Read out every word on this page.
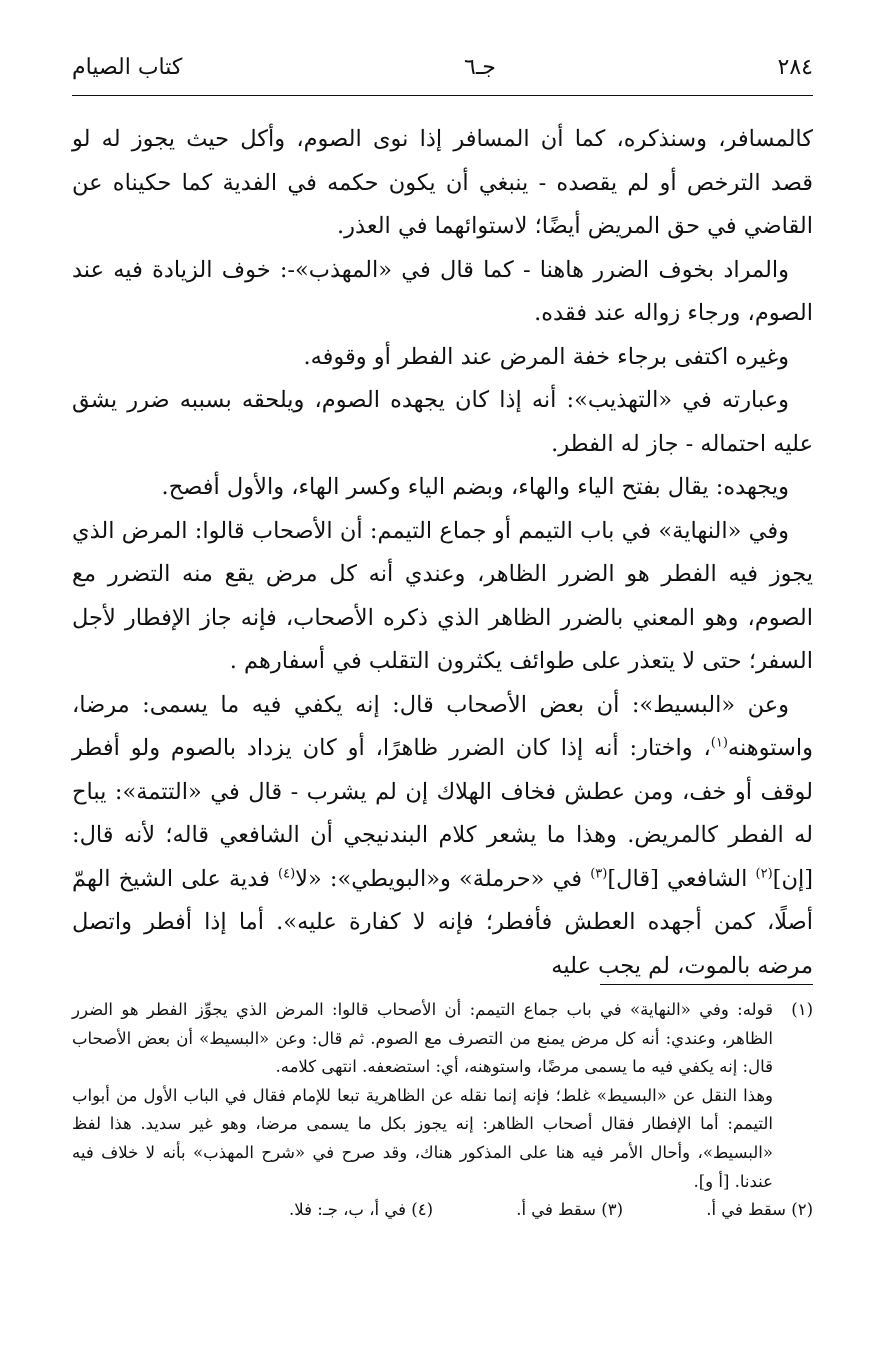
٢٨٤
جـ٦
كتاب الصيام

كالمسافر، وسنذكره، كما أن المسافر إذا نوى الصوم، وأكل حيث يجوز له لو قصد الترخص أو لم يقصده - ينبغي أن يكون حكمه في الفدية كما حكيناه عن القاضي في حق المريض أيضًا؛ لاستوائهما في العذر.

والمراد بخوف الضرر هاهنا - كما قال في «المهذب»-: خوف الزيادة فيه عند الصوم، ورجاء زواله عند فقده.

وغيره اكتفى برجاء خفة المرض عند الفطر أو وقوفه.

وعبارته في «التهذيب»: أنه إذا كان يجهده الصوم، ويلحقه بسببه ضرر يشق عليه احتماله - جاز له الفطر.

ويجهده: يقال بفتح الياء والهاء، وبضم الياء وكسر الهاء، والأول أفصح.

وفي «النهاية» في باب التيمم أو جماع التيمم: أن الأصحاب قالوا: المرض الذي يجوز فيه الفطر هو الضرر الظاهر، وعندي أنه كل مرض يقع منه التضرر مع الصوم، وهو المعني بالضرر الظاهر الذي ذكره الأصحاب، فإنه جاز الإفطار لأجل السفر؛ حتى لا يتعذر على طوائف يكثرون التقلب في أسفارهم .

وعن «البسيط»: أن بعض الأصحاب قال: إنه يكفي فيه ما يسمى: مرضا، واستوهنه$^{(١)}$، واختار: أنه إذا كان الضرر ظاهرًا، أو كان يزداد بالصوم ولو أفطر لوقف أو خف، ومن عطش فخاف الهلاك إن لم يشرب - قال في «التتمة»: يباح له الفطر كالمريض. وهذا ما يشعر كلام البندنيجي أن الشافعي قاله؛ لأنه قال: [إن]$^{(٢)}$ الشافعي [قال]$^{(٣)}$ في «حرملة» و«البويطي»: «لا$^{(٤)}$ فدية على الشيخ الهمّ أصلًا، كمن أجهده العطش فأفطر؛ فإنه لا كفارة عليه». أما إذا أفطر واتصل مرضه بالموت، لم يجب عليه

(١)
قوله: وفي «النهاية» في باب جماع التيمم: أن الأصحاب قالوا: المرض الذي يجوِّز الفطر هو الضرر الظاهر، وعندي: أنه كل مرض يمنع من التصرف مع الصوم. ثم قال: وعن «البسيط» أن بعض الأصحاب قال: إنه يكفي فيه ما يسمى مرضًا، واستوهنه، أي: استضعفه. انتهى كلامه.
وهذا النقل عن «البسيط» غلط؛ فإنه إنما نقله عن الظاهرية تبعا للإمام فقال في الباب الأول من أبواب التيمم: أما الإفطار فقال أصحاب الظاهر: إنه يجوز بكل ما يسمى مرضا، وهو غير سديد. هذا لفظ «البسيط»، وأحال الأمر فيه هنا على المذكور هناك، وقد صرح في «شرح المهذب» بأنه لا خلاف فيه عندنا. [أ و].
(٢) سقط في أ.
(٣) سقط في أ.
(٤) في أ، ب، جـ: فلا.
